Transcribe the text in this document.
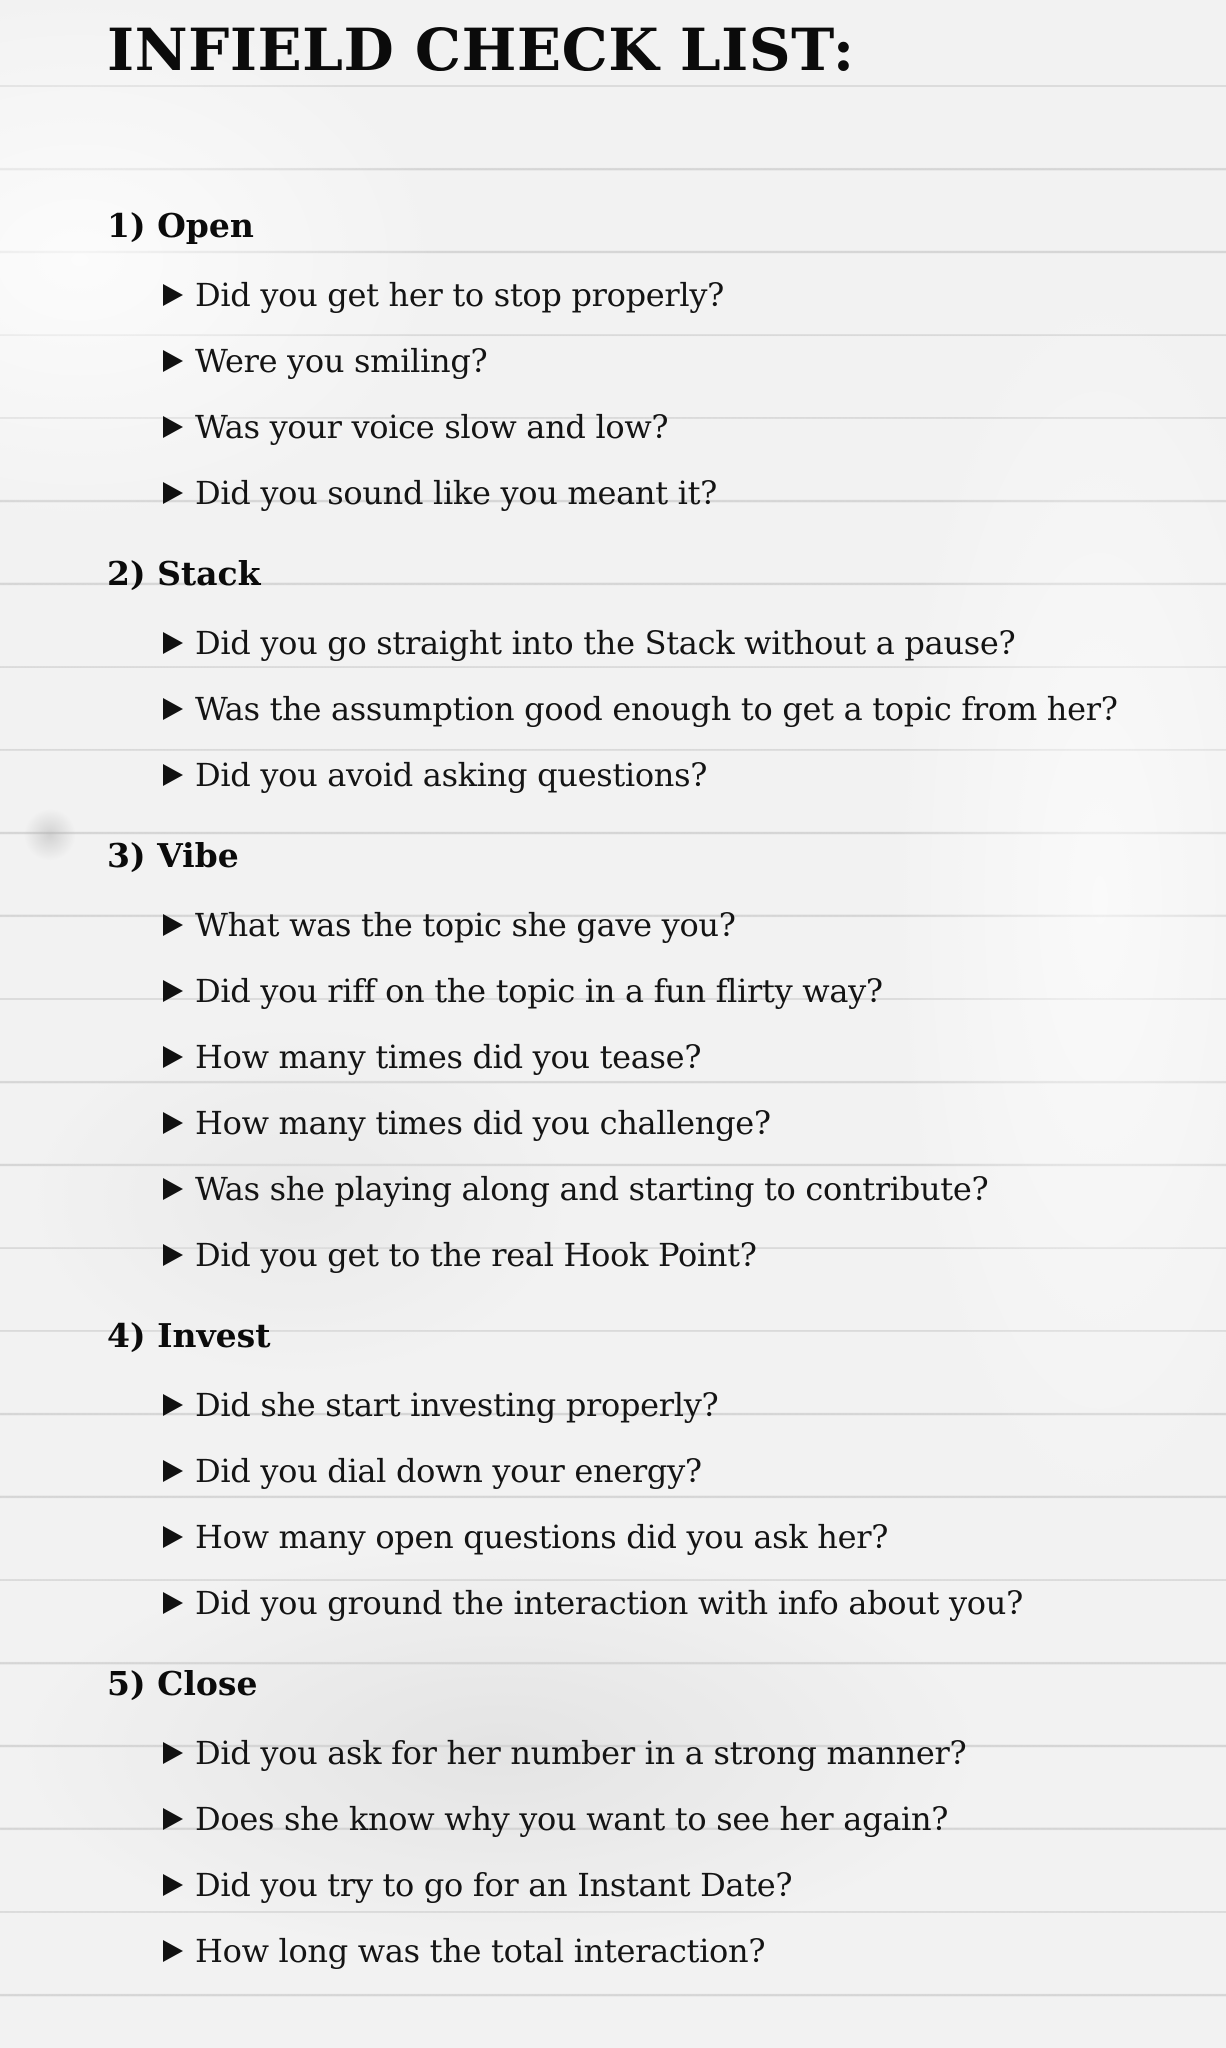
INFIELD CHECK LIST:
1) Open
Did you get her to stop properly?
Were you smiling?
Was your voice slow and low?
Did you sound like you meant it?
2) Stack
Did you go straight into the Stack without a pause?
Was the assumption good enough to get a topic from her?
Did you avoid asking questions?
3) Vibe
What was the topic she gave you?
Did you riff on the topic in a fun flirty way?
How many times did you tease?
How many times did you challenge?
Was she playing along and starting to contribute?
Did you get to the real Hook Point?
4) Invest
Did she start investing properly?
Did you dial down your energy?
How many open questions did you ask her?
Did you ground the interaction with info about you?
5) Close
Did you ask for her number in a strong manner?
Does she know why you want to see her again?
Did you try to go for an Instant Date?
How long was the total interaction?
